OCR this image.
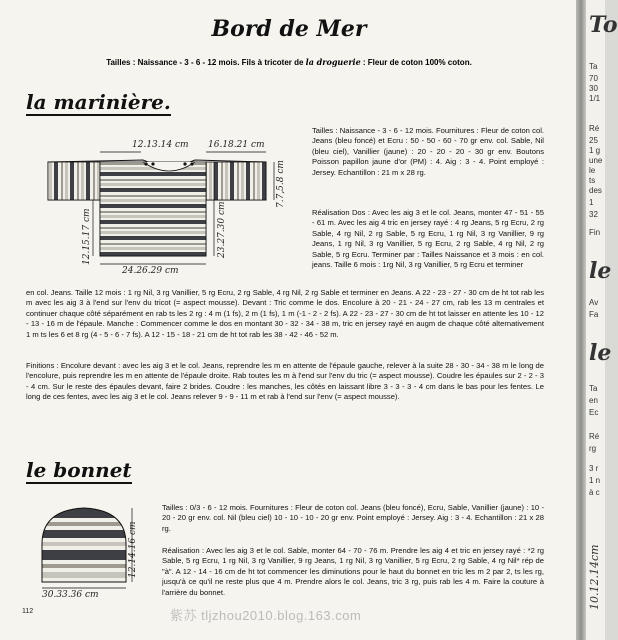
Bord de Mer
Tailles : Naissance - 3 - 6 - 12 mois. Fils à tricoter de la droguerie : Fleur de coton 100% coton.
la marinière.
12.13.14 cm 16.18.21 cm
24.26.29 cm
12.15.17 cm	23.27.30 cm
7.7,5.8 cm
Tailles : Naissance - 3 - 6 - 12 mois. Fournitures : Fleur de coton col. Jeans (bleu foncé) et Ecru : 50 - 50 - 60 - 70 gr env. col. Sable, Nil (bleu ciel), Vanillier (jaune) : 20 - 20 - 20 - 30 gr env. Boutons Poisson papillon jaune d'or (PM) : 4. Aig : 3 - 4. Point employé : Jersey. Echantillon : 21 m x 28 rg.
Réalisation Dos : Avec les aig 3 et le col. Jeans, monter 47 - 51 - 55 - 61 m. Avec les aig 4 tric en jersey rayé : 4 rg Jeans, 5 rg Ecru, 2 rg Sable, 4 rg Nil, 2 rg Sable, 5 rg Ecru, 1 rg Nil, 3 rg Vanillier, 9 rg Jeans, 1 rg Nil, 3 rg Vanillier, 5 rg Ecru, 2 rg Sable, 4 rg Nil, 2 rg Sable, 5 rg Ecru. Terminer par : Tailles Naissance et 3 mois : en col. jeans. Taille 6 mois : 1rg Nil, 3 rg Vanillier, 5 rg Ecru et terminer
en col. Jeans. Taille 12 mois : 1 rg Nil, 3 rg Vanillier, 5 rg Ecru, 2 rg Sable, 4 rg Nil, 2 rg Sable et terminer en Jeans. A 22 - 23 - 27 - 30 cm de ht tot rab les m avec les aig 3 à l'end sur l'env du tricot (= aspect mousse). Devant : Tric comme le dos. Encolure à 20 - 21 - 24 - 27 cm, rab les 13 m centrales et continuer chaque côté séparément en rab ts les 2 rg : 4 m (1 fs), 2 m (1 fs), 1 m (-1 - 2 - 2 fs). A 22 - 23 - 27 - 30 cm de ht tot laisser en attente les 10 - 12 - 13 - 16 m de l'épaule. Manche : Commencer comme le dos en montant 30 - 32 - 34 - 38 m, tric en jersey rayé en augm de chaque côté alternativement 1 m ts les 6 et 8 rg (4 - 5 - 6 - 7 fs). A 12 - 15 - 18 - 21 cm de ht tot rab les 38 - 42 - 46 - 52 m.
Finitions : Encolure devant : avec les aig 3 et le col. Jeans, reprendre les m en attente de l'épaule gauche, relever à la suite 28 - 30 - 34 - 38 m le long de l'encolure, puis reprendre les m en attente de l'épaule droite. Rab toutes les m à l'end sur l'env du tric (= aspect mousse). Coudre les épaules sur 2 - 2 - 3 - 4 cm. Sur le reste des épaules devant, faire 2 brides. Coudre : les manches, les côtés en laissant libre 3 - 3 - 3 - 4 cm dans le bas pour les fentes. Le long de ces fentes, avec les aig 3 et le col. Jeans relever 9 - 9 - 11 m et rab à l'end sur l'env (= aspect mousse).
le bonnet
30.33.36 cm
12.14.16 cm
Tailles : 0/3 - 6 - 12 mois. Fournitures : Fleur de coton col. Jeans (bleu foncé), Ecru, Sable, Vanillier (jaune) : 10 - 20 - 20 gr env. col. Nil (bleu ciel) 10 - 10 - 10 - 20 gr env. Point employé : Jersey. Aig : 3 - 4. Echantillon : 21 x 28 rg.
Réalisation : Avec les aig 3 et le col. Sable, monter 64 - 70 - 76 m. Prendre les aig 4 et tric en jersey rayé : *2 rg Sable, 5 rg Ecru, 1 rg Nil, 3 rg Vanillier, 9 rg Jeans, 1 rg Nil, 3 rg Vanillier, 5 rg Ecru, 2 rg Sable, 4 rg Nil* rép de "à". A 12 - 14 - 16 cm de ht tot commencer les diminutions pour le haut du bonnet en tric les m 2 par 2, ts les rg, jusqu'à ce qu'il ne reste plus que 4 m. Prendre alors le col. Jeans, tric 3 rg, puis rab les 4 m. Faire la couture à l'arrière du bonnet.
112	紫苏 tljzhou2010.blog.163.com
To
Ta
70
30
1/1
Ré
25
1 g
une
le
ts
des
1
32
Fin
le
Av
Fa
le
Ta
en
Ec
Ré
rg
3 r
1 n
à c
10.12.14cm
